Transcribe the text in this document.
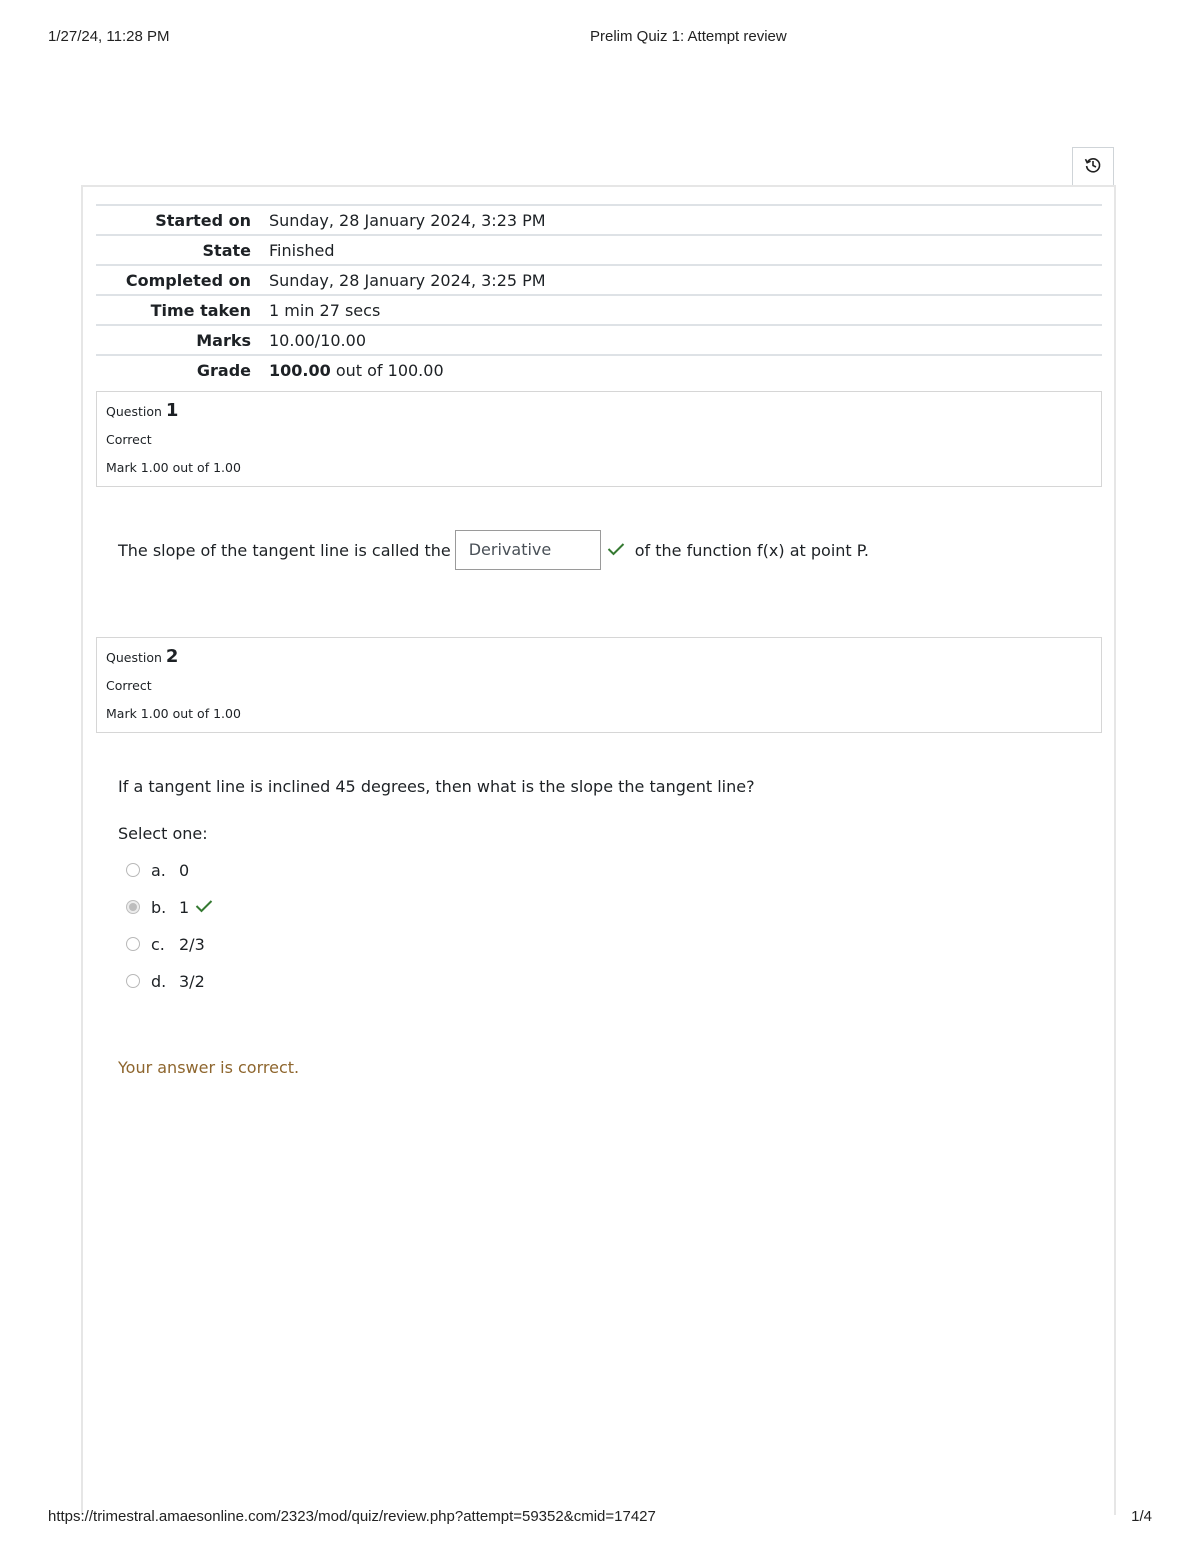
1/27/24, 11:28 PM	Prelim Quiz 1: Attempt review
Started on	Sunday, 28 January 2024, 3:23 PM
State	Finished
Completed on	Sunday, 28 January 2024, 3:25 PM
Time taken	1 min 27 secs
Marks	10.00/10.00
Grade	100.00 out of 100.00
Question 1
Correct
Mark 1.00 out of 1.00
The slope of the tangent line is called the	Derivative	of the function f(x) at point P.
Question 2
Correct
Mark 1.00 out of 1.00
If a tangent line is inclined 45 degrees, then what is the slope the tangent line?
Select one:
a. 0
b. 1
c. 2/3
d. 3/2
Your answer is correct.
https://trimestral.amaesonline.com/2323/mod/quiz/review.php?attempt=59352&cmid=17427	1/4
